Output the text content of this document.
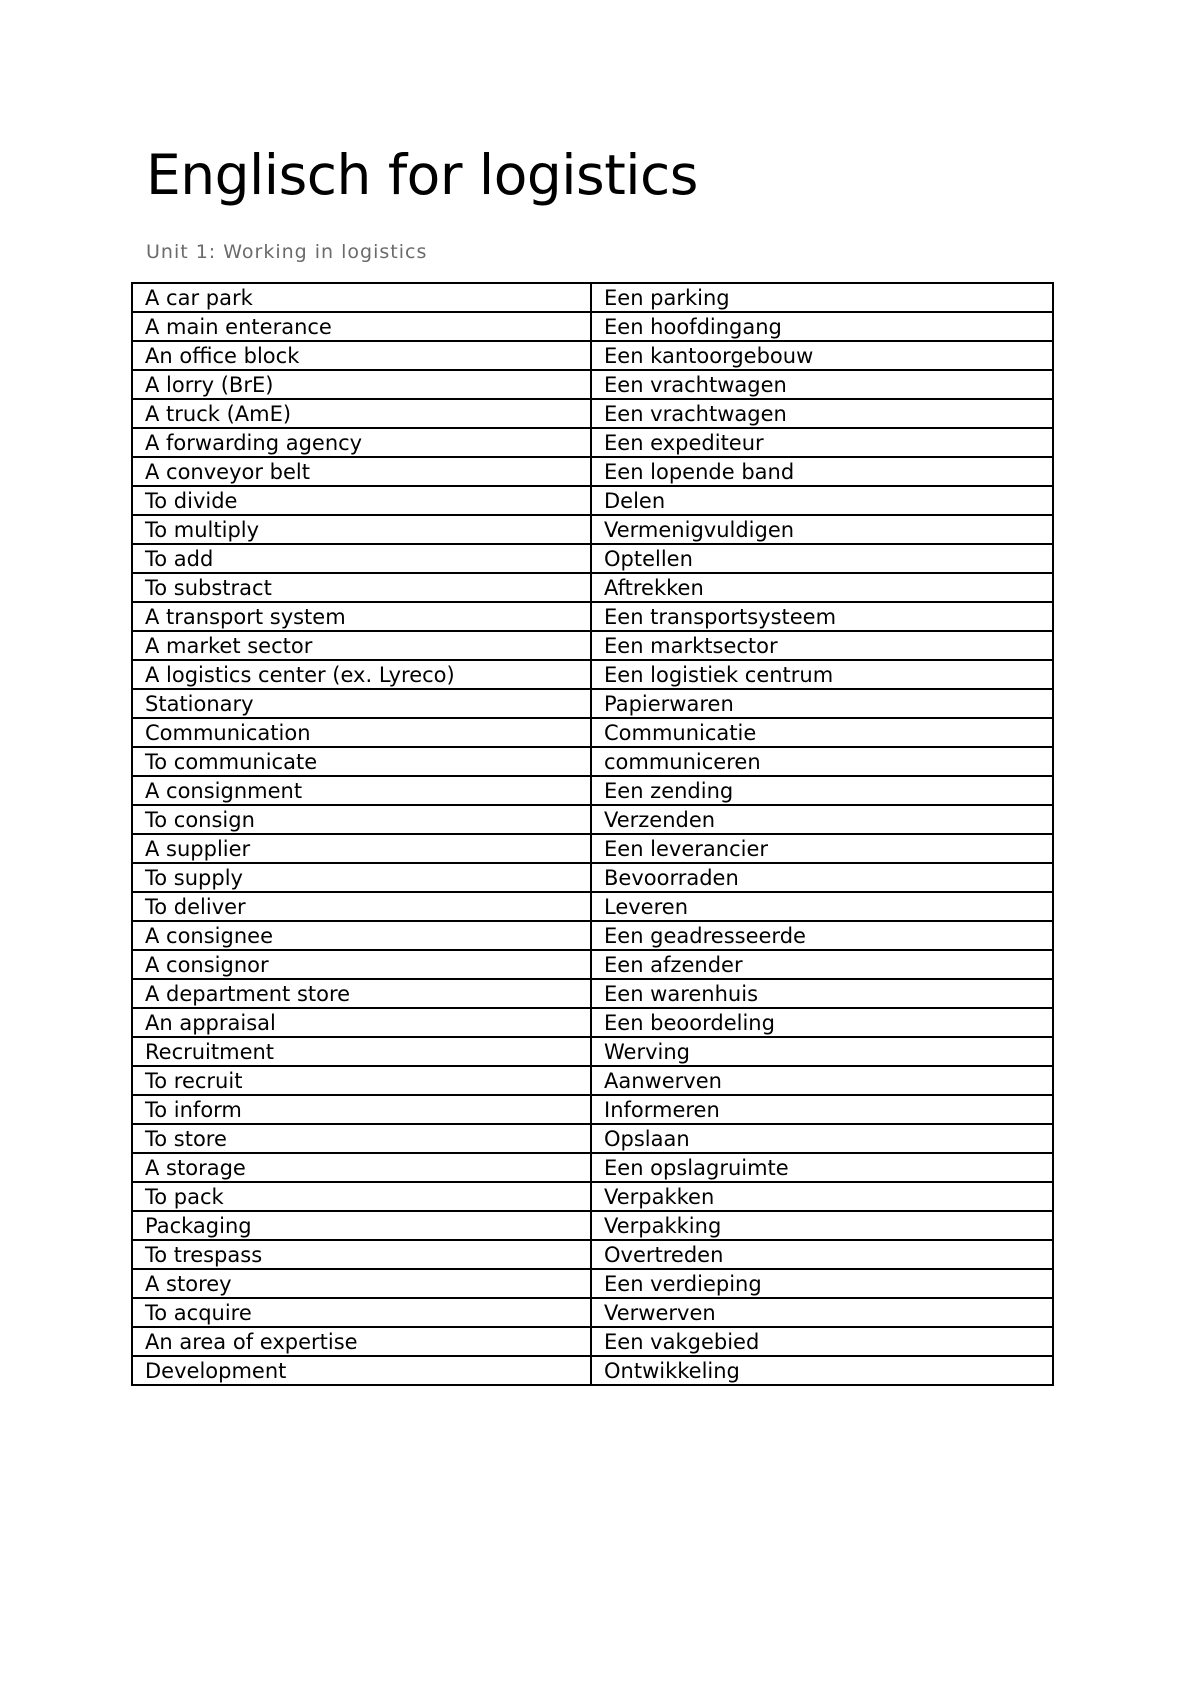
Englisch for logistics

Unit 1: Working in logistics

A car park	Een parking
A main enterance	Een hoofdingang
An office block	Een kantoorgebouw
A lorry (BrE)	Een vrachtwagen
A truck (AmE)	Een vrachtwagen
A forwarding agency	Een expediteur
A conveyor belt	Een lopende band
To divide	Delen
To multiply	Vermenigvuldigen
To add	Optellen
To substract	Aftrekken
A transport system	Een transportsysteem
A market sector	Een marktsector
A logistics center (ex. Lyreco)	Een logistiek centrum
Stationary	Papierwaren
Communication	Communicatie
To communicate	communiceren
A consignment	Een zending
To consign	Verzenden
A supplier	Een leverancier
To supply	Bevoorraden
To deliver	Leveren
A consignee	Een geadresseerde
A consignor	Een afzender
A department store	Een warenhuis
An appraisal	Een beoordeling
Recruitment	Werving
To recruit	Aanwerven
To inform	Informeren
To store	Opslaan
A storage	Een opslagruimte
To pack	Verpakken
Packaging	Verpakking
To trespass	Overtreden
A storey	Een verdieping
To acquire	Verwerven
An area of expertise	Een vakgebied
Development	Ontwikkeling
